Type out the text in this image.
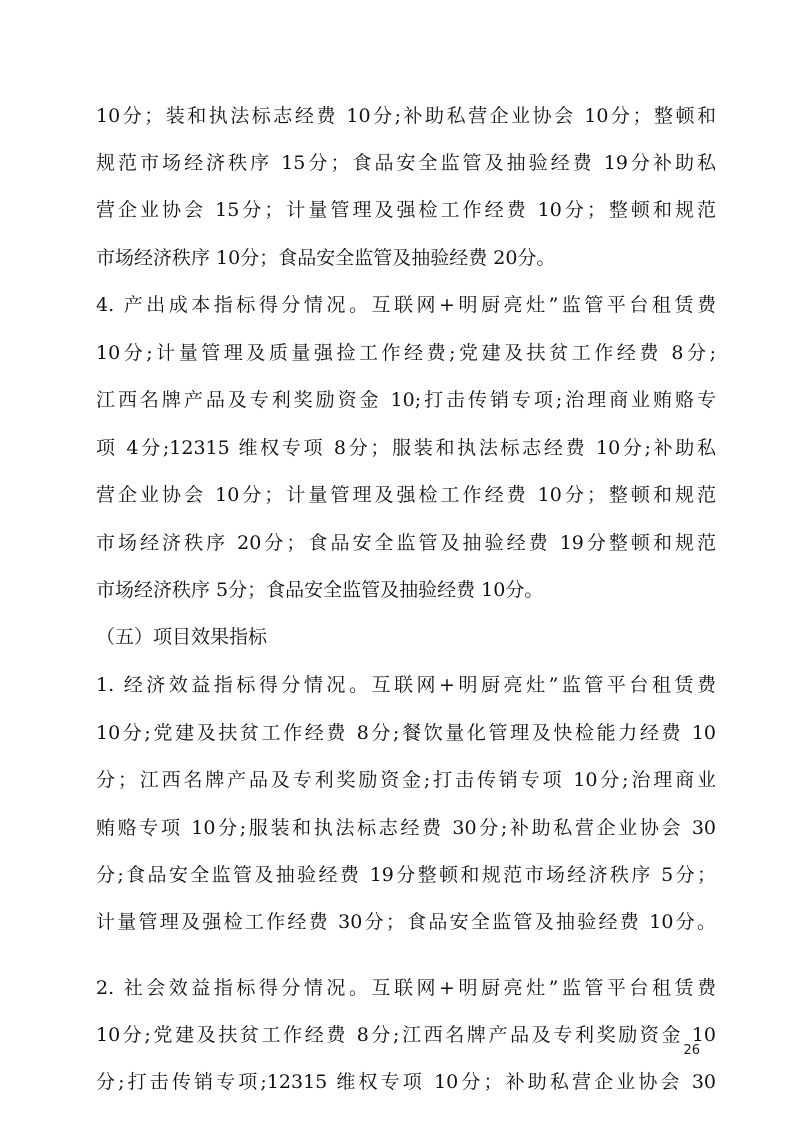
10分；装和执法标志经费 10分;补助私营企业协会 10分；整顿和
规范市场经济秩序 15分；食品安全监管及抽验经费 19分补助私
营企业协会 15分；计量管理及强检工作经费 10分；整顿和规范
市场经济秩序 10分；食品安全监管及抽验经费 20分。
4. 产出成本指标得分情况。互联网+明厨亮灶”监管平台租赁费
10分;计量管理及质量强捡工作经费;党建及扶贫工作经费 8分;
江西名牌产品及专利奖励资金 10;打击传销专项;治理商业贿赂专
项 4分;12315 维权专项 8分；服装和执法标志经费 10分;补助私
营企业协会 10分；计量管理及强检工作经费 10分；整顿和规范
市场经济秩序 20分；食品安全监管及抽验经费 19分整顿和规范
市场经济秩序 5分；食品安全监管及抽验经费 10分。
（五）项目效果指标
1. 经济效益指标得分情况。互联网+明厨亮灶”监管平台租赁费
10分;党建及扶贫工作经费 8分;餐饮量化管理及快检能力经费 10
分；江西名牌产品及专利奖励资金;打击传销专项 10分;治理商业
贿赂专项 10分;服装和执法标志经费 30分;补助私营企业协会 30
分;食品安全监管及抽验经费 19分整顿和规范市场经济秩序 5分；
计量管理及强检工作经费 30分；食品安全监管及抽验经费 10分。
2. 社会效益指标得分情况。互联网+明厨亮灶”监管平台租赁费
10分;党建及扶贫工作经费 8分;江西名牌产品及专利奖励资金 10
分;打击传销专项;12315 维权专项 10分；补助私营企业协会 30
26
